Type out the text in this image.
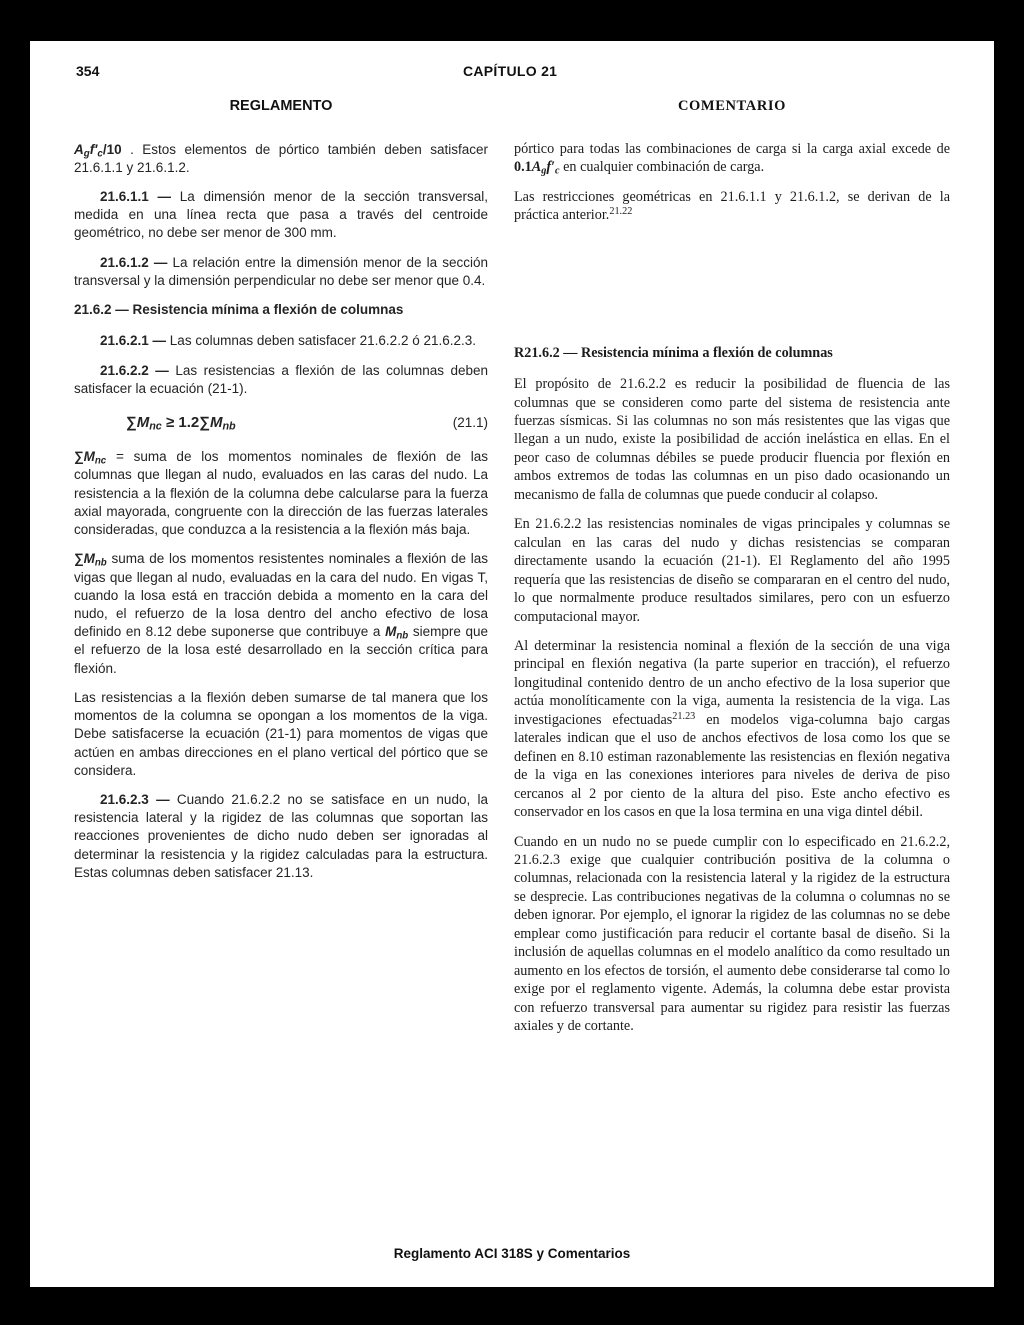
354	CAPÍTULO 21
REGLAMENTO

$A_gf'_c/10$ . Estos elementos de pórtico también deben satisfacer 21.6.1.1 y 21.6.1.2.

21.6.1.1 — La dimensión menor de la sección transversal, medida en una línea recta que pasa a través del centroide geométrico, no debe ser menor de 300 mm.

21.6.1.2 — La relación entre la dimensión menor de la sección transversal y la dimensión perpendicular no debe ser menor que 0.4.

21.6.2 — Resistencia mínima a flexión de columnas

21.6.2.1 — Las columnas deben satisfacer 21.6.2.2 ó 21.6.2.3.

21.6.2.2 — Las resistencias a flexión de las columnas deben satisfacer la ecuación (21-1).

$\sum M_{nc} \ge 1.2\sum M_{nb}$	(21.1)

$\sum M_{nc}$ = suma de los momentos nominales de flexión de las columnas que llegan al nudo, evaluados en las caras del nudo. La resistencia a la flexión de la columna debe calcularse para la fuerza axial mayorada, congruente con la dirección de las fuerzas laterales consideradas, que conduzca a la resistencia a la flexión más baja.

$\sum M_{nb}$ suma de los momentos resistentes nominales a flexión de las vigas que llegan al nudo, evaluadas en la cara del nudo. En vigas T, cuando la losa está en tracción debida a momento en la cara del nudo, el refuerzo de la losa dentro del ancho efectivo de losa definido en 8.12 debe suponerse que contribuye a $M_{nb}$ siempre que el refuerzo de la losa esté desarrollado en la sección crítica para flexión.

Las resistencias a la flexión deben sumarse de tal manera que los momentos de la columna se opongan a los momentos de la viga. Debe satisfacerse la ecuación (21-1) para momentos de vigas que actúen en ambas direcciones en el plano vertical del pórtico que se considera.

21.6.2.3 — Cuando 21.6.2.2 no se satisface en un nudo, la resistencia lateral y la rigidez de las columnas que soportan las reacciones provenientes de dicho nudo deben ser ignoradas al determinar la resistencia y la rigidez calculadas para la estructura. Estas columnas deben satisfacer 21.13.

COMENTARIO

pórtico para todas las combinaciones de carga si la carga axial excede de $0.1A_gf'_c$ en cualquier combinación de carga.

Las restricciones geométricas en 21.6.1.1 y 21.6.1.2, se derivan de la práctica anterior.$^{21.22}$

R21.6.2 — Resistencia mínima a flexión de columnas

El propósito de 21.6.2.2 es reducir la posibilidad de fluencia de las columnas que se consideren como parte del sistema de resistencia ante fuerzas sísmicas. Si las columnas no son más resistentes que las vigas que llegan a un nudo, existe la posibilidad de acción inelástica en ellas. En el peor caso de columnas débiles se puede producir fluencia por flexión en ambos extremos de todas las columnas en un piso dado ocasionando un mecanismo de falla de columnas que puede conducir al colapso.

En 21.6.2.2 las resistencias nominales de vigas principales y columnas se calculan en las caras del nudo y dichas resistencias se comparan directamente usando la ecuación (21-1). El Reglamento del año 1995 requería que las resistencias de diseño se compararan en el centro del nudo, lo que normalmente produce resultados similares, pero con un esfuerzo computacional mayor.

Al determinar la resistencia nominal a flexión de la sección de una viga principal en flexión negativa (la parte superior en tracción), el refuerzo longitudinal contenido dentro de un ancho efectivo de la losa superior que actúa monolíticamente con la viga, aumenta la resistencia de la viga. Las investigaciones efectuadas$^{21.23}$ en modelos viga-columna bajo cargas laterales indican que el uso de anchos efectivos de losa como los que se definen en 8.10 estiman razonablemente las resistencias en flexión negativa de la viga en las conexiones interiores para niveles de deriva de piso cercanos al 2 por ciento de la altura del piso. Este ancho efectivo es conservador en los casos en que la losa termina en una viga dintel débil.

Cuando en un nudo no se puede cumplir con lo especificado en 21.6.2.2, 21.6.2.3 exige que cualquier contribución positiva de la columna o columnas, relacionada con la resistencia lateral y la rigidez de la estructura se desprecie. Las contribuciones negativas de la columna o columnas no se deben ignorar. Por ejemplo, el ignorar la rigidez de las columnas no se debe emplear como justificación para reducir el cortante basal de diseño. Si la inclusión de aquellas columnas en el modelo analítico da como resultado un aumento en los efectos de torsión, el aumento debe considerarse tal como lo exige por el reglamento vigente. Además, la columna debe estar provista con refuerzo transversal para aumentar su rigidez para resistir las fuerzas axiales y de cortante.

Reglamento ACI 318S y Comentarios
